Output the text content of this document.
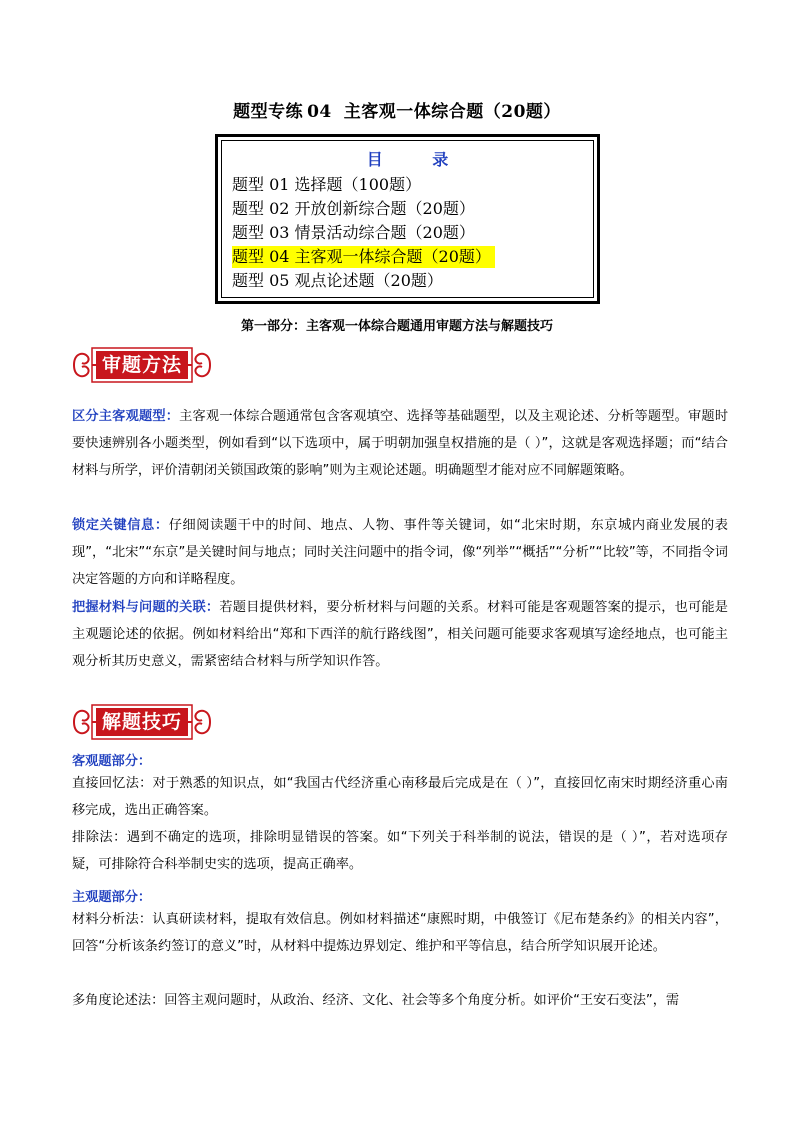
题型专练 04 主客观一体综合题（20题）
目 录
题型 01 选择题（100题）
题型 02 开放创新综合题（20题）
题型 03 情景活动综合题（20题）
题型 04 主客观一体综合题（20题）
题型 05 观点论述题（20题）
第一部分：主客观一体综合题通用审题方法与解题技巧
审题方法
区分主客观题型：主客观一体综合题通常包含客观填空、选择等基础题型，以及主观论述、分析等题型。审题时要快速辨别各小题类型，例如看到“以下选项中，属于明朝加强皇权措施的是（ ）”，这就是客观选择题；而“结合材料与所学，评价清朝闭关锁国政策的影响”则为主观论述题。明确题型才能对应不同解题策略。
锁定关键信息：仔细阅读题干中的时间、地点、人物、事件等关键词，如“北宋时期，东京城内商业发展的表现”，“北宋”“东京”是关键时间与地点；同时关注问题中的指令词，像“列举”“概括”“分析”“比较”等，不同指令词决定答题的方向和详略程度。
把握材料与问题的关联：若题目提供材料，要分析材料与问题的关系。材料可能是客观题答案的提示，也可能是主观题论述的依据。例如材料给出“郑和下西洋的航行路线图”，相关问题可能要求客观填写途经地点，也可能主观分析其历史意义，需紧密结合材料与所学知识作答。
解题技巧
客观题部分：
直接回忆法：对于熟悉的知识点，如“我国古代经济重心南移最后完成是在（ ）”，直接回忆南宋时期经济重心南移完成，选出正确答案。
排除法：遇到不确定的选项，排除明显错误的答案。如“下列关于科举制的说法，错误的是（ ）”，若对选项存疑，可排除符合科举制史实的选项，提高正确率。
主观题部分：
材料分析法：认真研读材料，提取有效信息。例如材料描述“康熙时期，中俄签订《尼布楚条约》的相关内容”，回答“分析该条约签订的意义”时，从材料中提炼边界划定、维护和平等信息，结合所学知识展开论述。
多角度论述法：回答主观问题时，从政治、经济、文化、社会等多个角度分析。如评价“王安石变法”，需
